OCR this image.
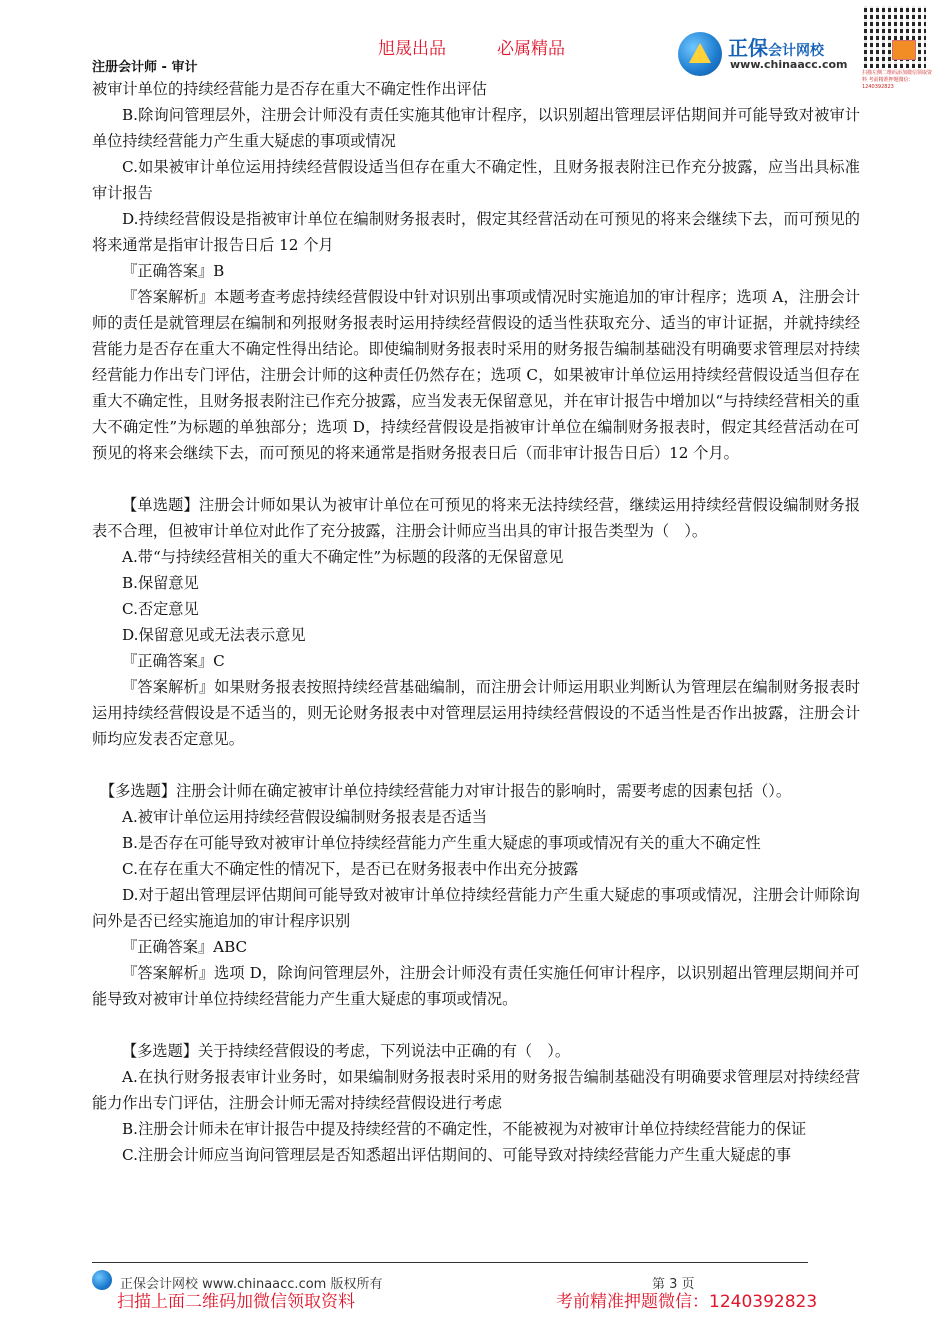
旭晟出品	必属精品
注册会计师 - 审计
正保会计网校
www.chinaacc.com
扫描左侧二维码添加微信领取资料 考前精准押题微信：1240392823

被审计单位的持续经营能力是否存在重大不确定性作出评估

B.除询问管理层外，注册会计师没有责任实施其他审计程序，以识别超出管理层评估期间并可能导致对被审计单位持续经营能力产生重大疑虑的事项或情况

C.如果被审计单位运用持续经营假设适当但存在重大不确定性，且财务报表附注已作充分披露，应当出具标准审计报告

D.持续经营假设是指被审计单位在编制财务报表时，假定其经营活动在可预见的将来会继续下去，而可预见的将来通常是指审计报告日后 12 个月

『正确答案』B

『答案解析』本题考查考虑持续经营假设中针对识别出事项或情况时实施追加的审计程序；选项 A，注册会计师的责任是就管理层在编制和列报财务报表时运用持续经营假设的适当性获取充分、适当的审计证据，并就持续经营能力是否存在重大不确定性得出结论。即使编制财务报表时采用的财务报告编制基础没有明确要求管理层对持续经营能力作出专门评估，注册会计师的这种责任仍然存在；选项 C，如果被审计单位运用持续经营假设适当但存在重大不确定性，且财务报表附注已作充分披露，应当发表无保留意见，并在审计报告中增加以“与持续经营相关的重大不确定性”为标题的单独部分；选项 D，持续经营假设是指被审计单位在编制财务报表时，假定其经营活动在可预见的将来会继续下去，而可预见的将来通常是指财务报表日后（而非审计报告日后）12 个月。

【单选题】注册会计师如果认为被审计单位在可预见的将来无法持续经营，继续运用持续经营假设编制财务报表不合理，但被审计单位对此作了充分披露，注册会计师应当出具的审计报告类型为（　）。

A.带“与持续经营相关的重大不确定性”为标题的段落的无保留意见

B.保留意见

C.否定意见

D.保留意见或无法表示意见

『正确答案』C

『答案解析』如果财务报表按照持续经营基础编制，而注册会计师运用职业判断认为管理层在编制财务报表时运用持续经营假设是不适当的，则无论财务报表中对管理层运用持续经营假设的不适当性是否作出披露，注册会计师均应发表否定意见。

【多选题】注册会计师在确定被审计单位持续经营能力对审计报告的影响时，需要考虑的因素包括（）。

A.被审计单位运用持续经营假设编制财务报表是否适当

B.是否存在可能导致对被审计单位持续经营能力产生重大疑虑的事项或情况有关的重大不确定性

C.在存在重大不确定性的情况下，是否已在财务报表中作出充分披露

D.对于超出管理层评估期间可能导致对被审计单位持续经营能力产生重大疑虑的事项或情况，注册会计师除询问外是否已经实施追加的审计程序识别

『正确答案』ABC

『答案解析』选项 D，除询问管理层外，注册会计师没有责任实施任何审计程序，以识别超出管理层期间并可能导致对被审计单位持续经营能力产生重大疑虑的事项或情况。

【多选题】关于持续经营假设的考虑，下列说法中正确的有（　）。

A.在执行财务报表审计业务时，如果编制财务报表时采用的财务报告编制基础没有明确要求管理层对持续经营能力作出专门评估，注册会计师无需对持续经营假设进行考虑

B.注册会计师未在审计报告中提及持续经营的不确定性，不能被视为对被审计单位持续经营能力的保证

C.注册会计师应当询问管理层是否知悉超出评估期间的、可能导致对持续经营能力产生重大疑虑的事

正保会计网校 www.chinaacc.com 版权所有	第 3 页
扫描上面二维码加微信领取资料	考前精准押题微信：1240392823
